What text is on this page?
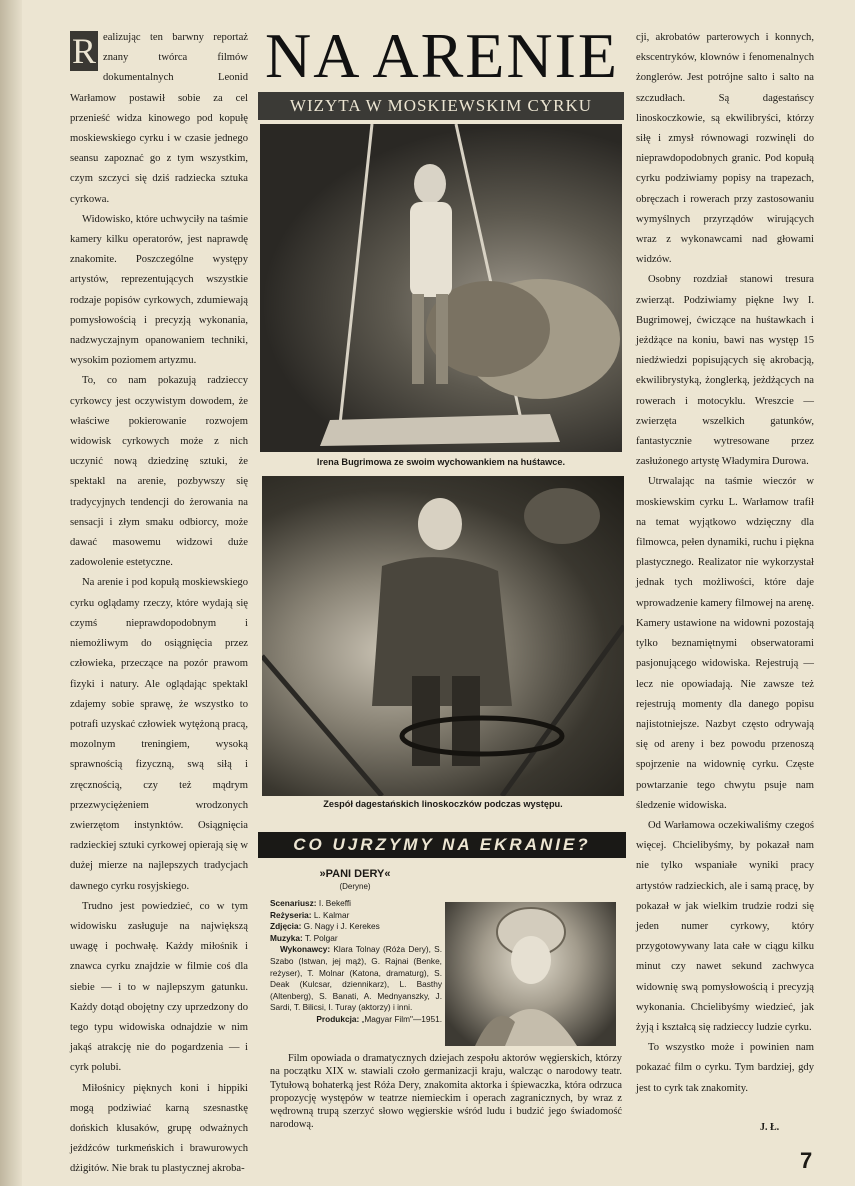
R ealizując ten barwny reportaż znany twórca filmów dokumentalnych Leonid Warłamow postawił sobie za cel przenieść widza kinowego pod kopułę moskiewskiego cyrku i w czasie jednego seansu zapoznać go z tym wszystkim, czym szczyci się dziś radziecka sztuka cyrkowa.

Widowisko, które uchwyciły na taśmie kamery kilku operatorów, jest naprawdę znakomite. Poszczególne występy artystów, reprezentujących wszystkie rodzaje popisów cyrkowych, zdumiewają pomysłowością i precyzją wykonania, nadzwyczajnym opanowaniem techniki, wysokim poziomem artyzmu.

To, co nam pokazują radzieccy cyrkowcy jest oczywistym dowodem, że właściwe pokierowanie rozwojem widowisk cyrkowych może z nich uczynić nową dziedzinę sztuki, że spektakl na arenie, pozbywszy się tradycyjnych tendencji do żerowania na sensacji i złym smaku odbiorcy, może dawać masowemu widzowi duże zadowolenie estetyczne.

Na arenie i pod kopułą moskiewskiego cyrku oglądamy rzeczy, które wydają się czymś nieprawdopodobnym i niemożliwym do osiągnięcia przez człowieka, przeczące na pozór prawom fizyki i natury. Ale oglądając spektakl zdajemy sobie sprawę, że wszystko to potrafi uzyskać człowiek wytężoną pracą, mozolnym treningiem, wysoką sprawnością fizyczną, swą siłą i zręcznością, czy też mądrym przezwyciężeniem wrodzonych zwierzętom instynktów. Osiągnięcia radzieckiej sztuki cyrkowej opierają się w dużej mierze na najlepszych tradycjach dawnego cyrku rosyjskiego.

Trudno jest powiedzieć, co w tym widowisku zasługuje na największą uwagę i pochwałę. Każdy miłośnik i znawca cyrku znajdzie w filmie coś dla siebie — i to w najlepszym gatunku. Każdy dotąd obojętny czy uprzedzony do tego typu widowiska odnajdzie w nim jakąś atrakcję nie do pogardzenia — i cyrk polubi.

Miłośnicy pięknych koni i hippiki mogą podziwiać karną szesnastkę dońskich klusaków, grupę odważnych jeźdźców turkmeńskich i brawurowych dżigitów. Nie brak tu plastycznej akroba-

NA ARENIE
WIZYTA W MOSKIEWSKIM CYRKU
Irena Bugrimowa ze swoim wychowankiem na huśtawce.
Zespół dagestańskich linoskoczków podczas występu.
CO UJRZYMY NA EKRANIE?
»PANI DERY«
(Deryne)
Scenariusz: I. Bekeffi
Reżyseria: L. Kalmar
Zdjęcia: G. Nagy i J. Kerekes
Muzyka: T. Polgar
Wykonawcy: Klara Tolnay (Róża Dery), S. Szabo (Istwan, jej mąż), G. Rajnai (Benke, reżyser), T. Molnar (Katona, dramaturg), S. Deak (Kulcsar, dziennikarz), L. Basthy (Altenberg), S. Banati, A. Mednyanszky, J. Sardi, T. Bilicsi, I. Turay (aktorzy) i inni.
Produkcja: „Magyar Film"—1951.
Film opowiada o dramatycznych dziejach zespołu aktorów węgierskich, którzy na początku XIX w. stawiali czoło germanizacji kraju, walcząc o narodowy teatr. Tytułową bohaterką jest Róża Dery, znakomita aktorka i śpiewaczka, która odrzuca propozycję występów w teatrze niemieckim i operach zagranicznych, by wraz z wędrowną trupą szerzyć słowo węgierskie wśród ludu i budzić jego świadomość narodową.

cji, akrobatów parterowych i konnych, ekscentryków, klownów i fenomenalnych żonglerów. Jest potrójne salto i salto na szczudłach. Są dagestańscy linoskoczkowie, są ekwilibryści, którzy siłę i zmysł równowagi rozwinęli do nieprawdopodobnych granic. Pod kopułą cyrku podziwiamy popisy na trapezach, obręczach i rowerach przy zastosowaniu wymyślnych przyrządów wirujących wraz z wykonawcami nad głowami widzów.

Osobny rozdział stanowi tresura zwierząt. Podziwiamy piękne lwy I. Bugrimowej, ćwiczące na huśtawkach i jeżdżące na koniu, bawi nas występ 15 niedźwiedzi popisujących się akrobacją, ekwilibrystyką, żonglerką, jeżdżących na rowerach i motocyklu. Wreszcie — zwierzęta wszelkich gatunków, fantastycznie wytresowane przez zasłużonego artystę Władymira Durowa.

Utrwalając na taśmie wieczór w moskiewskim cyrku L. Warłamow trafił na temat wyjątkowo wdzięczny dla filmowca, pełen dynamiki, ruchu i piękna plastycznego. Realizator nie wykorzystał jednak tych możliwości, które daje wprowadzenie kamery filmowej na arenę. Kamery ustawione na widowni pozostają tylko beznamiętnymi obserwatorami pasjonującego widowiska. Rejestrują — lecz nie opowiadają. Nie zawsze też rejestrują momenty dla danego popisu najistotniejsze. Nazbyt często odrywają się od areny i bez powodu przenoszą spojrzenie na widownię cyrku. Częste powtarzanie tego chwytu psuje nam śledzenie widowiska.

Od Warłamowa oczekiwaliśmy czegoś więcej. Chcielibyśmy, by pokazał nam nie tylko wspaniałe wyniki pracy artystów radzieckich, ale i samą pracę, by pokazał w jak wielkim trudzie rodzi się jeden numer cyrkowy, który przygotowywany lata całe w ciągu kilku minut czy nawet sekund zachwyca widownię swą pomysłowością i precyzją wykonania. Chcielibyśmy wiedzieć, jak żyją i kształcą się radzieccy ludzie cyrku.

To wszystko może i powinien nam pokazać film o cyrku. Tym bardziej, gdy jest to cyrk tak znakomity.

J. Ł.
7
